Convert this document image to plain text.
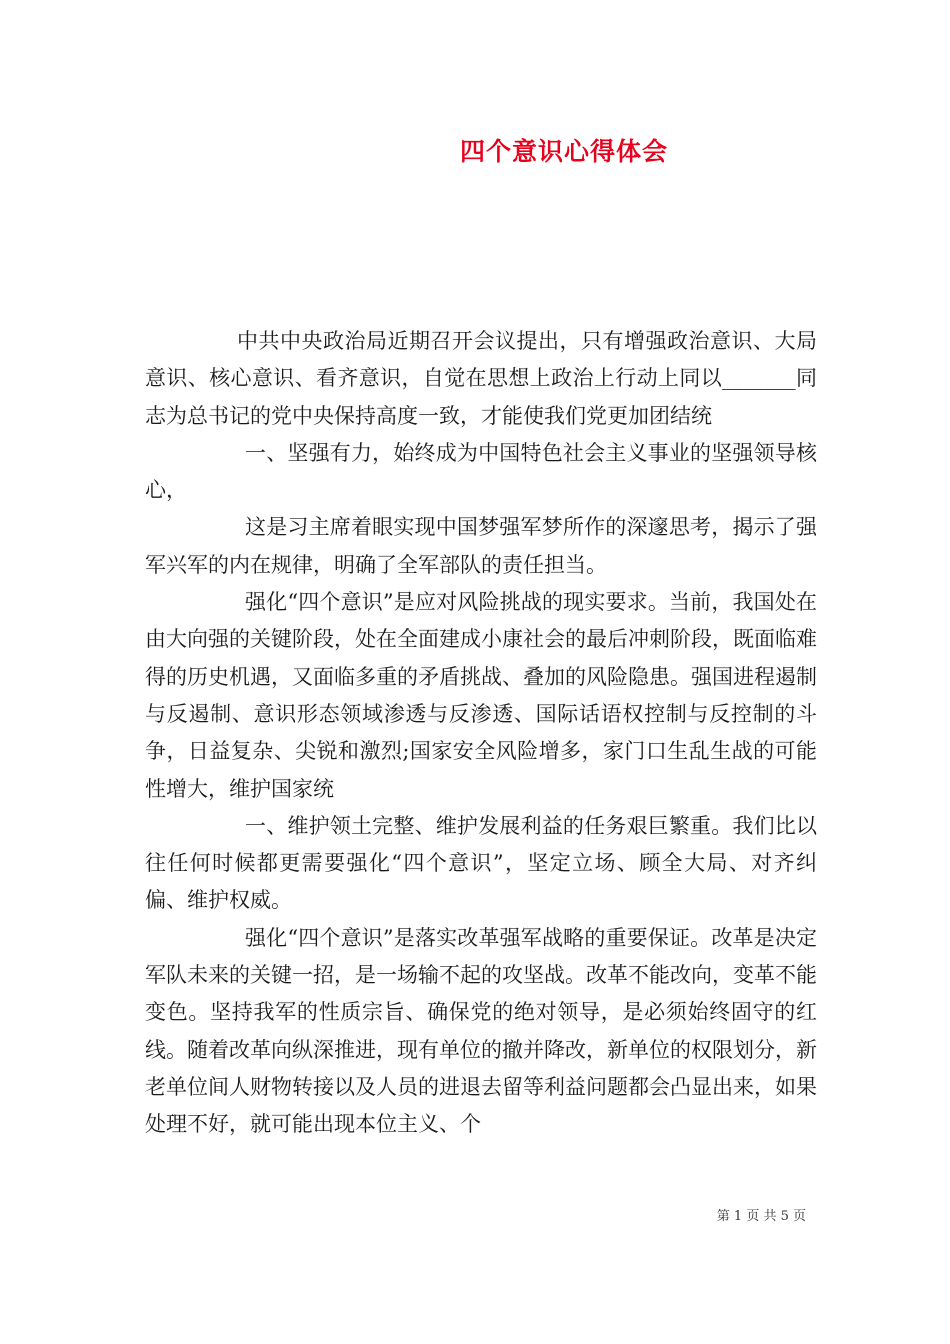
四个意识心得体会

中共中央政治局近期召开会议提出，只有增强政治意识、大局意识、核心意识、看齐意识，自觉在思想上政治上行动上同以_______同志为总书记的党中央保持高度一致，才能使我们党更加团结统

一、坚强有力，始终成为中国特色社会主义事业的坚强领导核心，

这是习主席着眼实现中国梦强军梦所作的深邃思考，揭示了强军兴军的内在规律，明确了全军部队的责任担当。

强化“四个意识”是应对风险挑战的现实要求。当前，我国处在由大向强的关键阶段，处在全面建成小康社会的最后冲刺阶段，既面临难得的历史机遇，又面临多重的矛盾挑战、叠加的风险隐患。强国进程遏制与反遏制、意识形态领域渗透与反渗透、国际话语权控制与反控制的斗争，日益复杂、尖锐和激烈;国家安全风险增多，家门口生乱生战的可能性增大，维护国家统

一、维护领土完整、维护发展利益的任务艰巨繁重。我们比以往任何时候都更需要强化“四个意识”，坚定立场、顾全大局、对齐纠偏、维护权威。

强化“四个意识”是落实改革强军战略的重要保证。改革是决定军队未来的关键一招，是一场输不起的攻坚战。改革不能改向，变革不能变色。坚持我军的性质宗旨、确保党的绝对领导，是必须始终固守的红线。随着改革向纵深推进，现有单位的撤并降改，新单位的权限划分，新老单位间人财物转接以及人员的进退去留等利益问题都会凸显出来，如果处理不好，就可能出现本位主义、个

第 1 页 共 5 页
